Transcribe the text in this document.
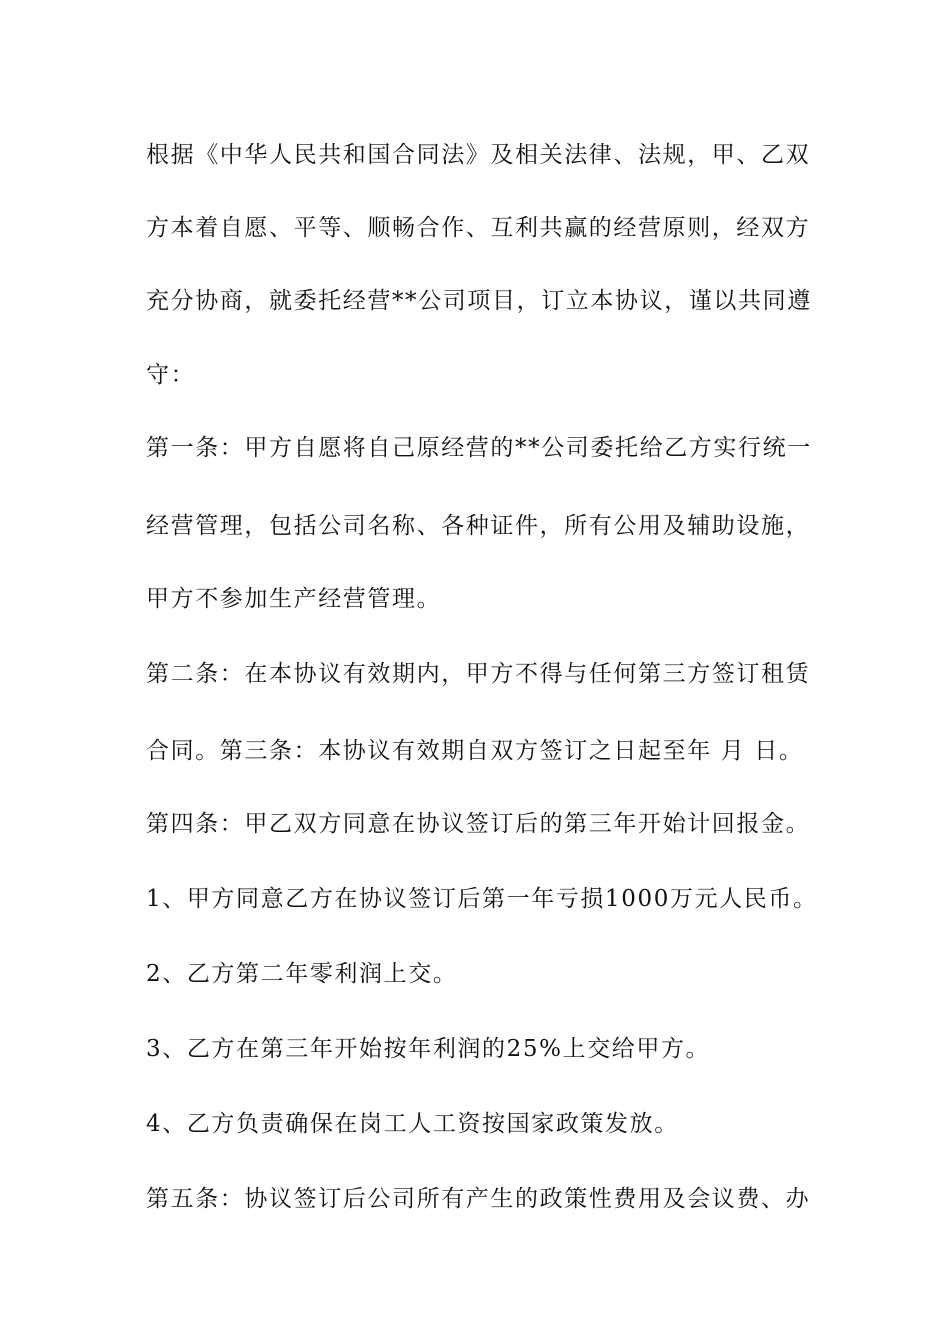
根据《中华人民共和国合同法》及相关法律、法规，甲、乙双

方本着自愿、平等、顺畅合作、互利共赢的经营原则，经双方

充分协商，就委托经营**公司项目，订立本协议，谨以共同遵

守：

第一条：甲方自愿将自己原经营的**公司委托给乙方实行统一

经营管理，包括公司名称、各种证件，所有公用及辅助设施，

甲方不参加生产经营管理。

第二条：在本协议有效期内，甲方不得与任何第三方签订租赁

合同。第三条：本协议有效期自双方签订之日起至年 月 日。

第四条：甲乙双方同意在协议签订后的第三年开始计回报金。

1、甲方同意乙方在协议签订后第一年亏损1000万元人民币。

2、乙方第二年零利润上交。

3、乙方在第三年开始按年利润的25%上交给甲方。

4、乙方负责确保在岗工人工资按国家政策发放。

第五条：协议签订后公司所有产生的政策性费用及会议费、办
